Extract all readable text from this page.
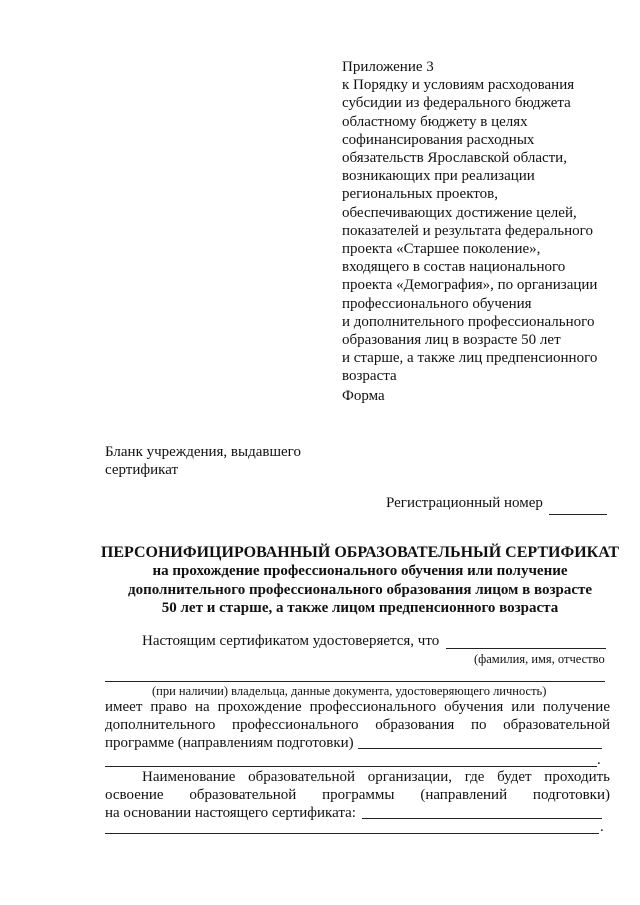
Приложение 3
к Порядку и условиям расходования
субсидии из федерального бюджета
областному бюджету в целях
софинансирования расходных
обязательств Ярославской области,
возникающих при реализации
региональных проектов,
обеспечивающих достижение целей,
показателей и результата федерального
проекта «Старшее поколение»,
входящего в состав национального
проекта «Демография», по организации
профессионального обучения
и дополнительного профессионального
образования лиц в возрасте 50 лет
и старше, а также лиц предпенсионного
возраста
Форма
Бланк учреждения, выдавшего
сертификат
Регистрационный номер
ПЕРСОНИФИЦИРОВАННЫЙ ОБРАЗОВАТЕЛЬНЫЙ СЕРТИФИКАТ
на прохождение профессионального обучения или получение
дополнительного профессионального образования лицом в возрасте
50 лет и старше, а также лицом предпенсионного возраста
Настоящим сертификатом удостоверяется, что
(фамилия, имя, отчество
(при наличии) владельца, данные документа, удостоверяющего личность)
имеет право на прохождение профессионального обучения или получение
дополнительного профессионального образования по образовательной
программе (направлениям подготовки)
.
Наименование образовательной организации, где будет проходить
освоение образовательной программы (направлений подготовки)
на основании настоящего сертификата:
.
